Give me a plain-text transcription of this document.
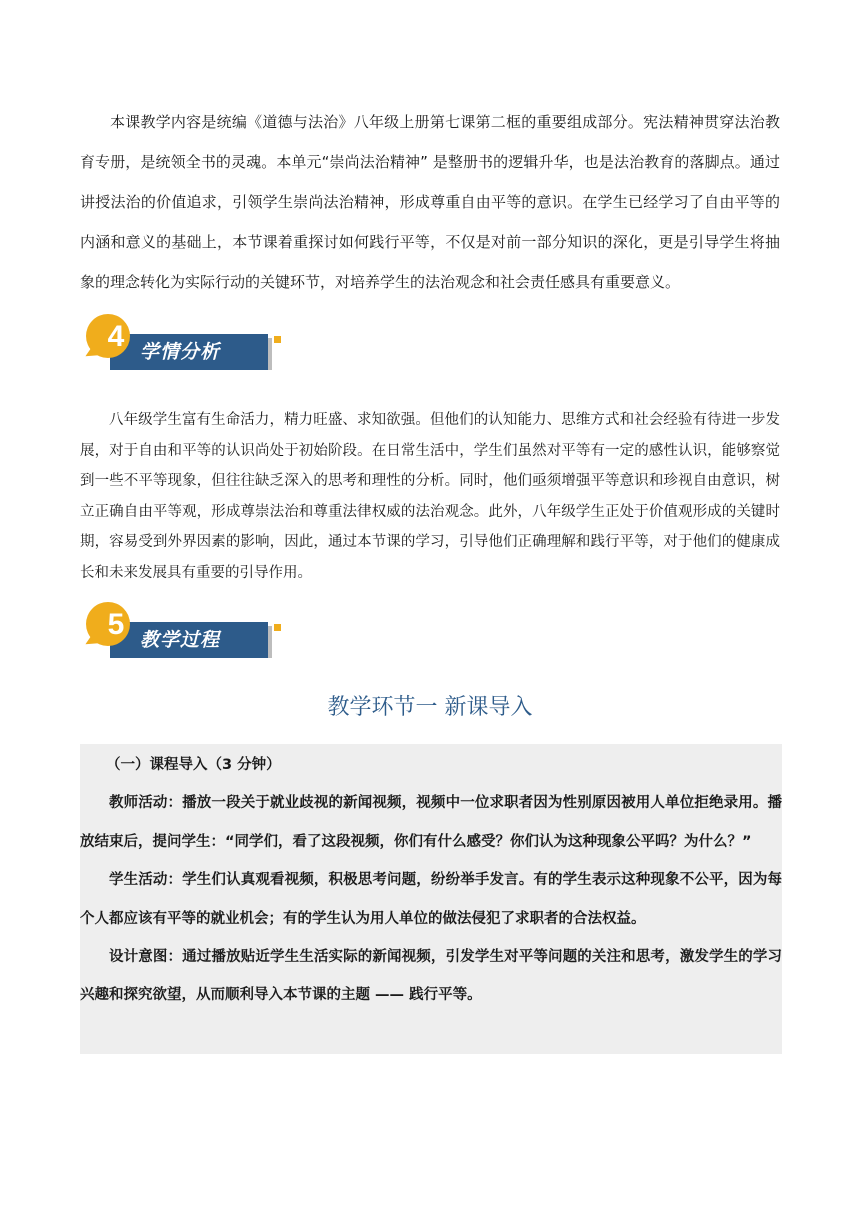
本课教学内容是统编《道德与法治》八年级上册第七课第二框的重要组成部分。宪法精神贯穿法治教育专册，是统领全书的灵魂。本单元“崇尚法治精神” 是整册书的逻辑升华，也是法治教育的落脚点。通过讲授法治的价值追求，引领学生崇尚法治精神，形成尊重自由平等的意识。在学生已经学习了自由平等的内涵和意义的基础上，本节课着重探讨如何践行平等，不仅是对前一部分知识的深化，更是引导学生将抽象的理念转化为实际行动的关键环节，对培养学生的法治观念和社会责任感具有重要意义。

4 学情分析

八年级学生富有生命活力，精力旺盛、求知欲强。但他们的认知能力、思维方式和社会经验有待进一步发展，对于自由和平等的认识尚处于初始阶段。在日常生活中，学生们虽然对平等有一定的感性认识，能够察觉到一些不平等现象，但往往缺乏深入的思考和理性的分析。同时，他们亟须增强平等意识和珍视自由意识，树立正确自由平等观，形成尊崇法治和尊重法律权威的法治观念。此外，八年级学生正处于价值观形成的关键时期，容易受到外界因素的影响，因此，通过本节课的学习，引导他们正确理解和践行平等，对于他们的健康成长和未来发展具有重要的引导作用。

5 教学过程
教学环节一 新课导入

（一）课程导入（3 分钟）

教师活动：播放一段关于就业歧视的新闻视频，视频中一位求职者因为性别原因被用人单位拒绝录用。播放结束后，提问学生：“同学们，看了这段视频，你们有什么感受？你们认为这种现象公平吗？为什么？”

学生活动：学生们认真观看视频，积极思考问题，纷纷举手发言。有的学生表示这种现象不公平，因为每个人都应该有平等的就业机会；有的学生认为用人单位的做法侵犯了求职者的合法权益。

设计意图：通过播放贴近学生生活实际的新闻视频，引发学生对平等问题的关注和思考，激发学生的学习兴趣和探究欲望，从而顺利导入本节课的主题 —— 践行平等。
